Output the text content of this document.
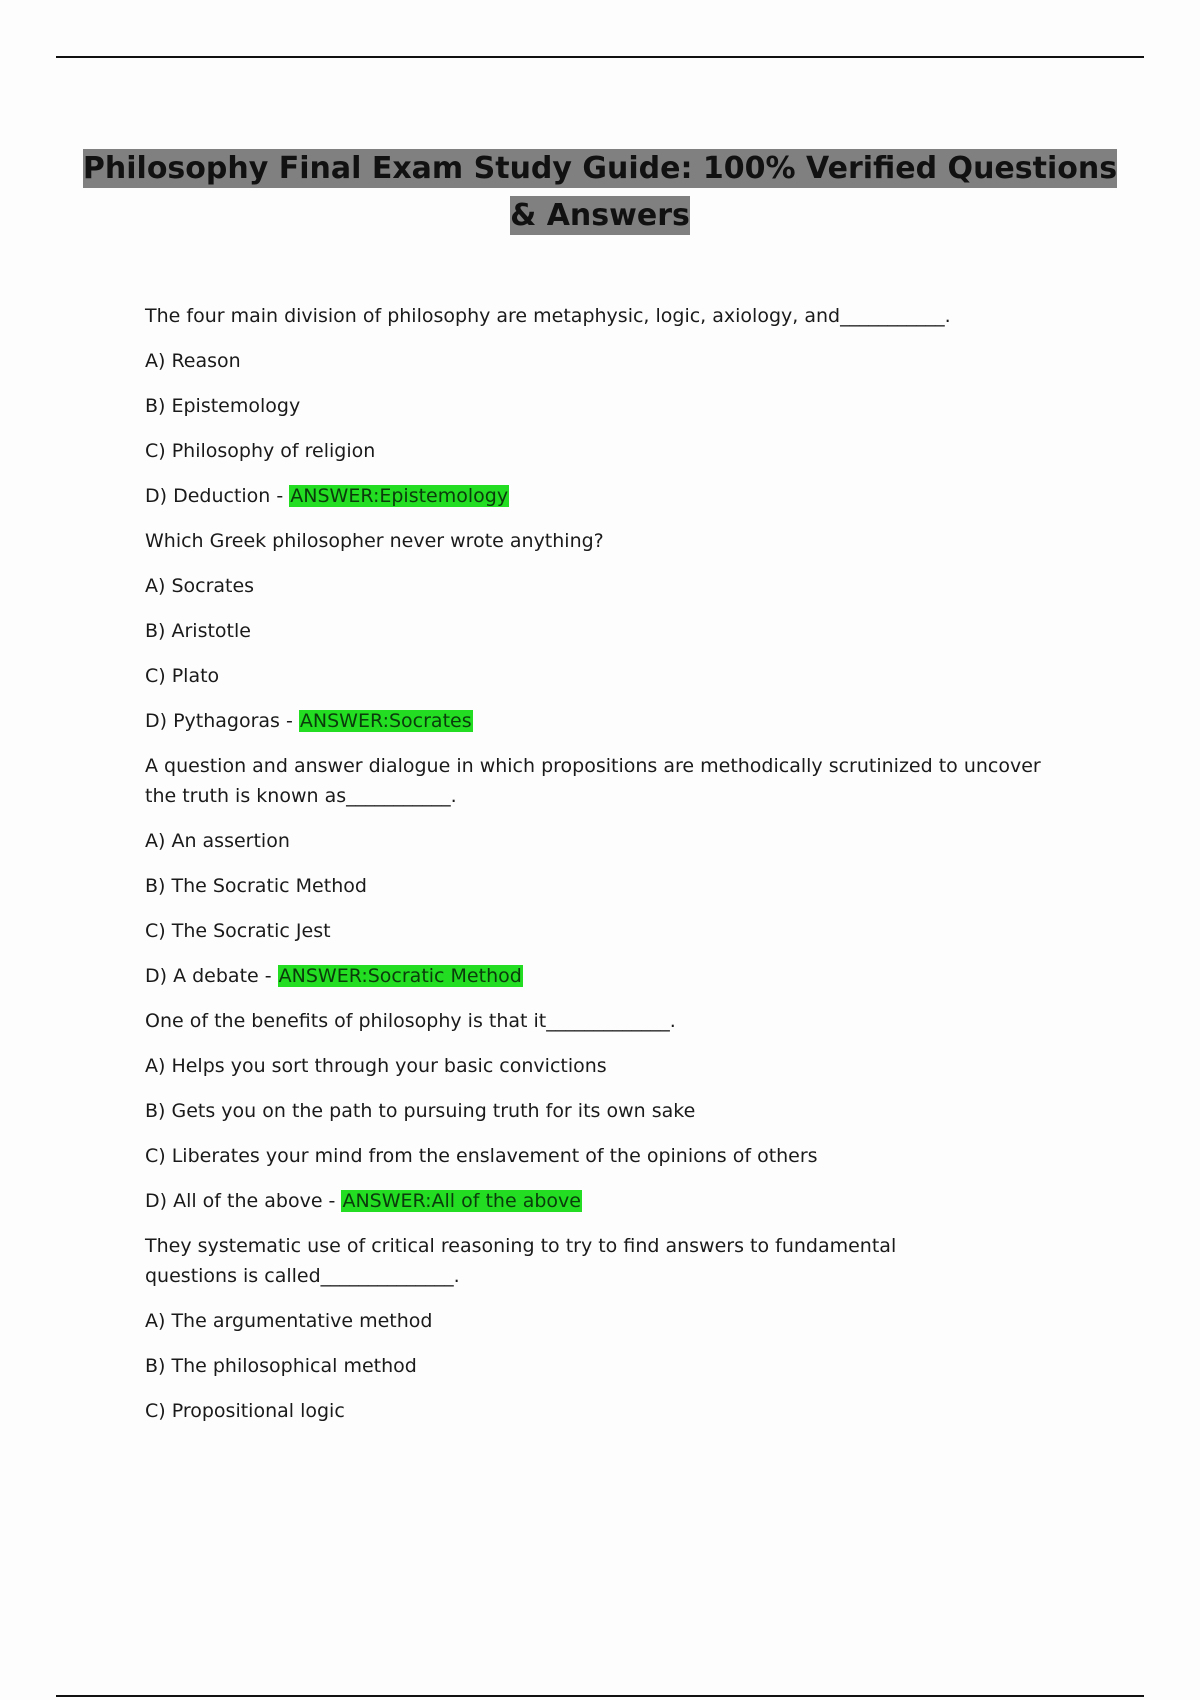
Philosophy Final Exam Study Guide: 100% Verified Questions
& Answers
The four main division of philosophy are metaphysic, logic, axiology, and___________.
A) Reason
B) Epistemology
C) Philosophy of religion
D) Deduction - ANSWER:Epistemology
Which Greek philosopher never wrote anything?
A) Socrates
B) Aristotle
C) Plato
D) Pythagoras - ANSWER:Socrates
A question and answer dialogue in which propositions are methodically scrutinized to uncover the truth is known as___________.
A) An assertion
B) The Socratic Method
C) The Socratic Jest
D) A debate - ANSWER:Socratic Method
One of the benefits of philosophy is that it_____________.
A) Helps you sort through your basic convictions
B) Gets you on the path to pursuing truth for its own sake
C) Liberates your mind from the enslavement of the opinions of others
D) All of the above - ANSWER:All of the above
They systematic use of critical reasoning to try to find answers to fundamental questions is called______________.
A) The argumentative method
B) The philosophical method
C) Propositional logic
